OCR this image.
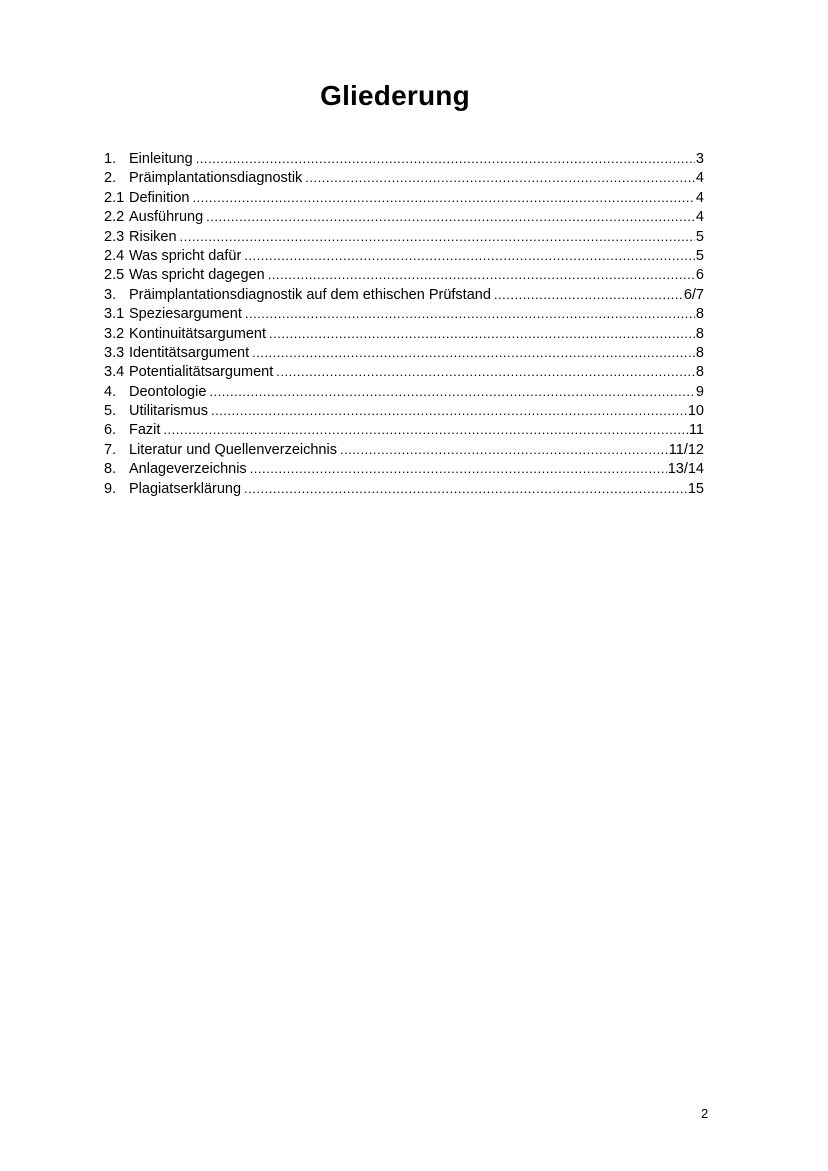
Gliederung
1. Einleitung .....	3
2. Präimplantationsdiagnostik .....	4
2.1 Definition .....	4
2.2 Ausführung .....	4
2.3 Risiken .....	5
2.4 Was spricht dafür .....	5
2.5 Was spricht dagegen .....	6
3. Präimplantationsdiagnostik auf dem ethischen Prüfstand .....	6/7
3.1 Speziesargument .....	8
3.2 Kontinuitätsargument .....	8
3.3 Identitätsargument .....	8
3.4 Potentialitätsargument .....	8
4. Deontologie .....	9
5. Utilitarismus .....	10
6. Fazit .....	11
7. Literatur und Quellenverzeichnis .....	11/12
8. Anlageverzeichnis .....	13/14
9. Plagiatserklärung .....	15
2
